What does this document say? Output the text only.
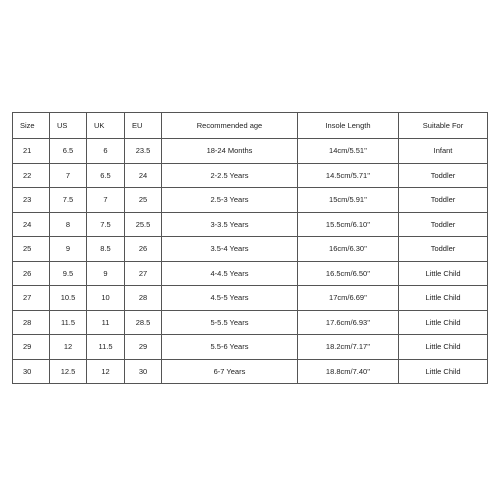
Size	US	UK	EU	Recommended age	Insole Length	Suitable For
21	6.5	6	23.5	18-24 Months	14cm/5.51''	Infant
22	7	6.5	24	2-2.5 Years	14.5cm/5.71''	Toddler
23	7.5	7	25	2.5-3 Years	15cm/5.91''	Toddler
24	8	7.5	25.5	3-3.5 Years	15.5cm/6.10''	Toddler
25	9	8.5	26	3.5-4 Years	16cm/6.30''	Toddler
26	9.5	9	27	4-4.5 Years	16.5cm/6.50''	Little Child
27	10.5	10	28	4.5-5 Years	17cm/6.69''	Little Child
28	11.5	11	28.5	5-5.5 Years	17.6cm/6.93''	Little Child
29	12	11.5	29	5.5-6 Years	18.2cm/7.17''	Little Child
30	12.5	12	30	6-7 Years	18.8cm/7.40''	Little Child
